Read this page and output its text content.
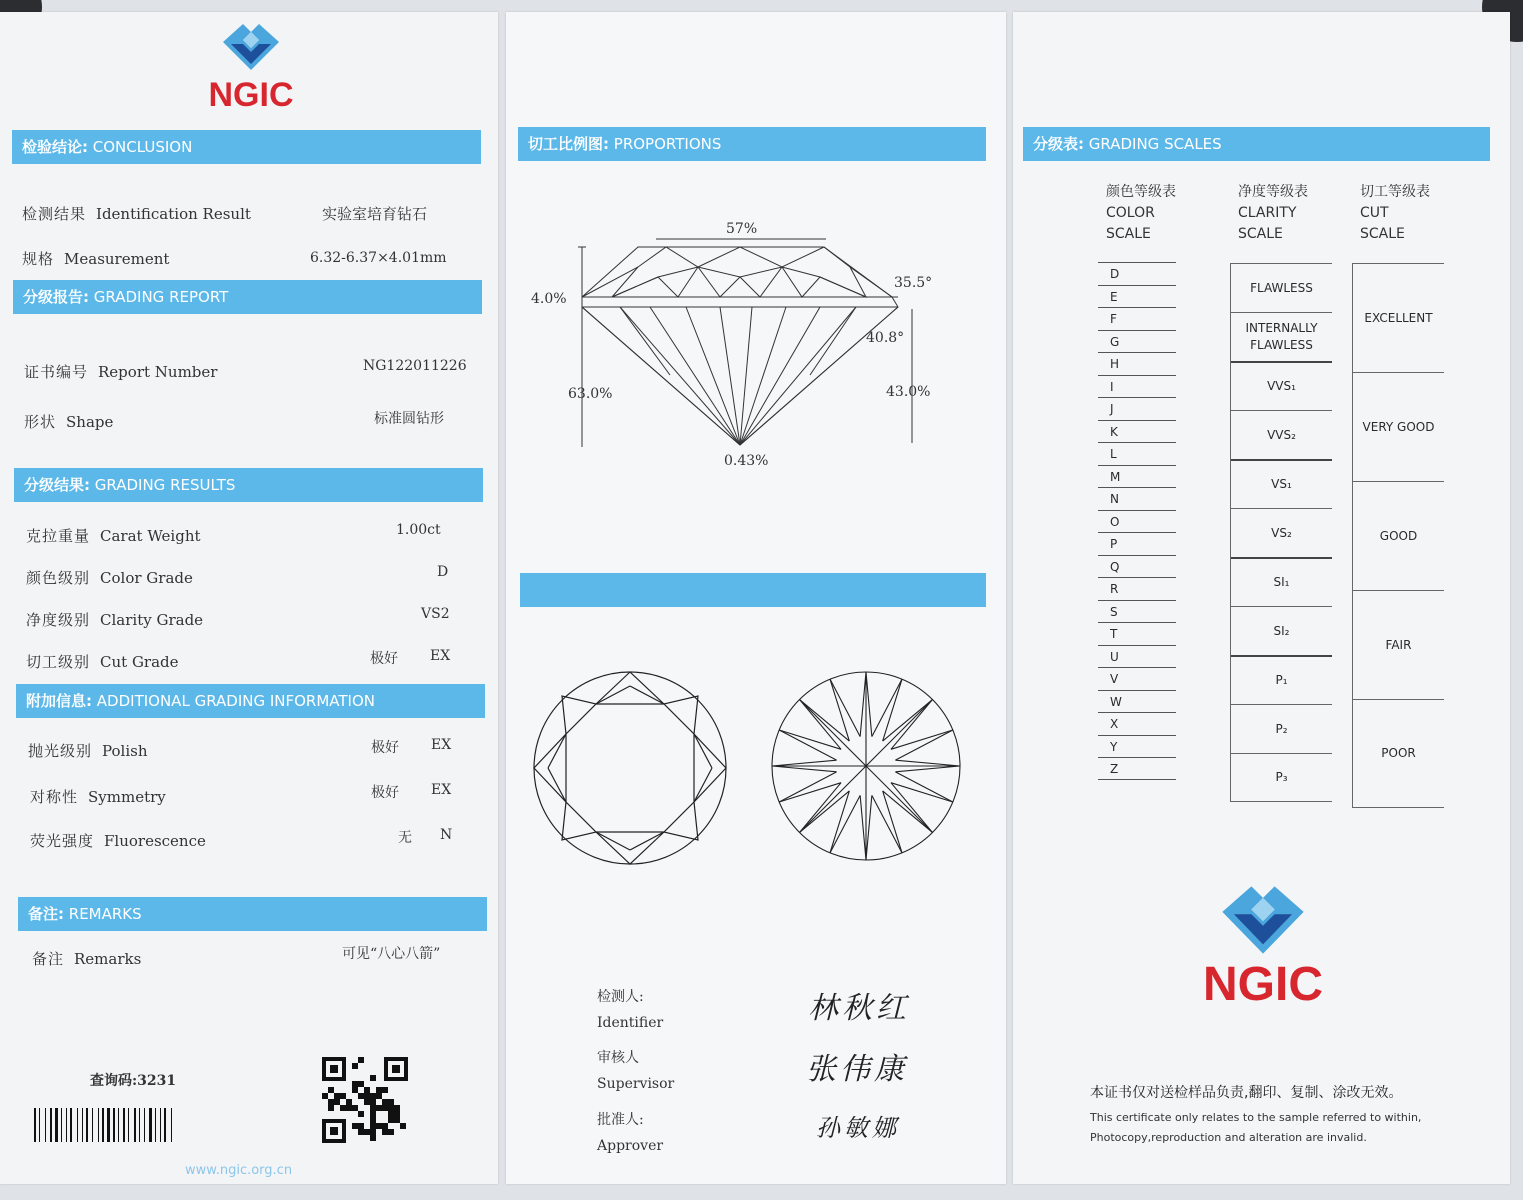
NGIC
检验结论: CONCLUSION
检测结果 Identification Result	实验室培育钻石
规格 Measurement	6.32-6.37×4.01mm
分级报告: GRADING REPORT
证书编号 Report Number	NG122011226
形状 Shape	标准圆钻形
分级结果: GRADING RESULTS
克拉重量 Carat Weight	1.00ct
颜色级别 Color Grade	D
净度级别 Clarity Grade	VS2
切工级别 Cut Grade	极好 EX
附加信息: ADDITIONAL GRADING INFORMATION
抛光级别 Polish	极好 EX
对称性 Symmetry	极好 EX
荧光强度 Fluorescence	无 N
备注: REMARKS
备注 Remarks	可见“八心八箭”
查询码:3231
www.ngic.org.cn
切工比例图: PROPORTIONS
57%
4.0%
35.5°
40.8°
63.0%	43.0%
0.43%
检测人:
Identifier	林秋红
审核人
Supervisor	张伟康
批准人:
Approver
孙敏娜
分级表: GRADING SCALES
颜色等级表
COLOR
SCALE
净度等级表
CLARITY
SCALE
切工等级表
CUT
SCALE
D
E
F
G
H
I
J
K
L
M
N
O
P
Q
R
S
T
U
V
W
X
Y
Z
FLAWLESS
INTERNALLY FLAWLESS
VVS₁
VVS₂
VS₁
VS₂
SI₁
SI₂
P₁
P₂
P₃
EXCELLENT
VERY GOOD
GOOD
FAIR
POOR
NGIC
本证书仅对送检样品负责,翻印、复制、涂改无效。
This certificate only relates to the sample referred to within,
Photocopy,reproduction and alteration are invalid.
